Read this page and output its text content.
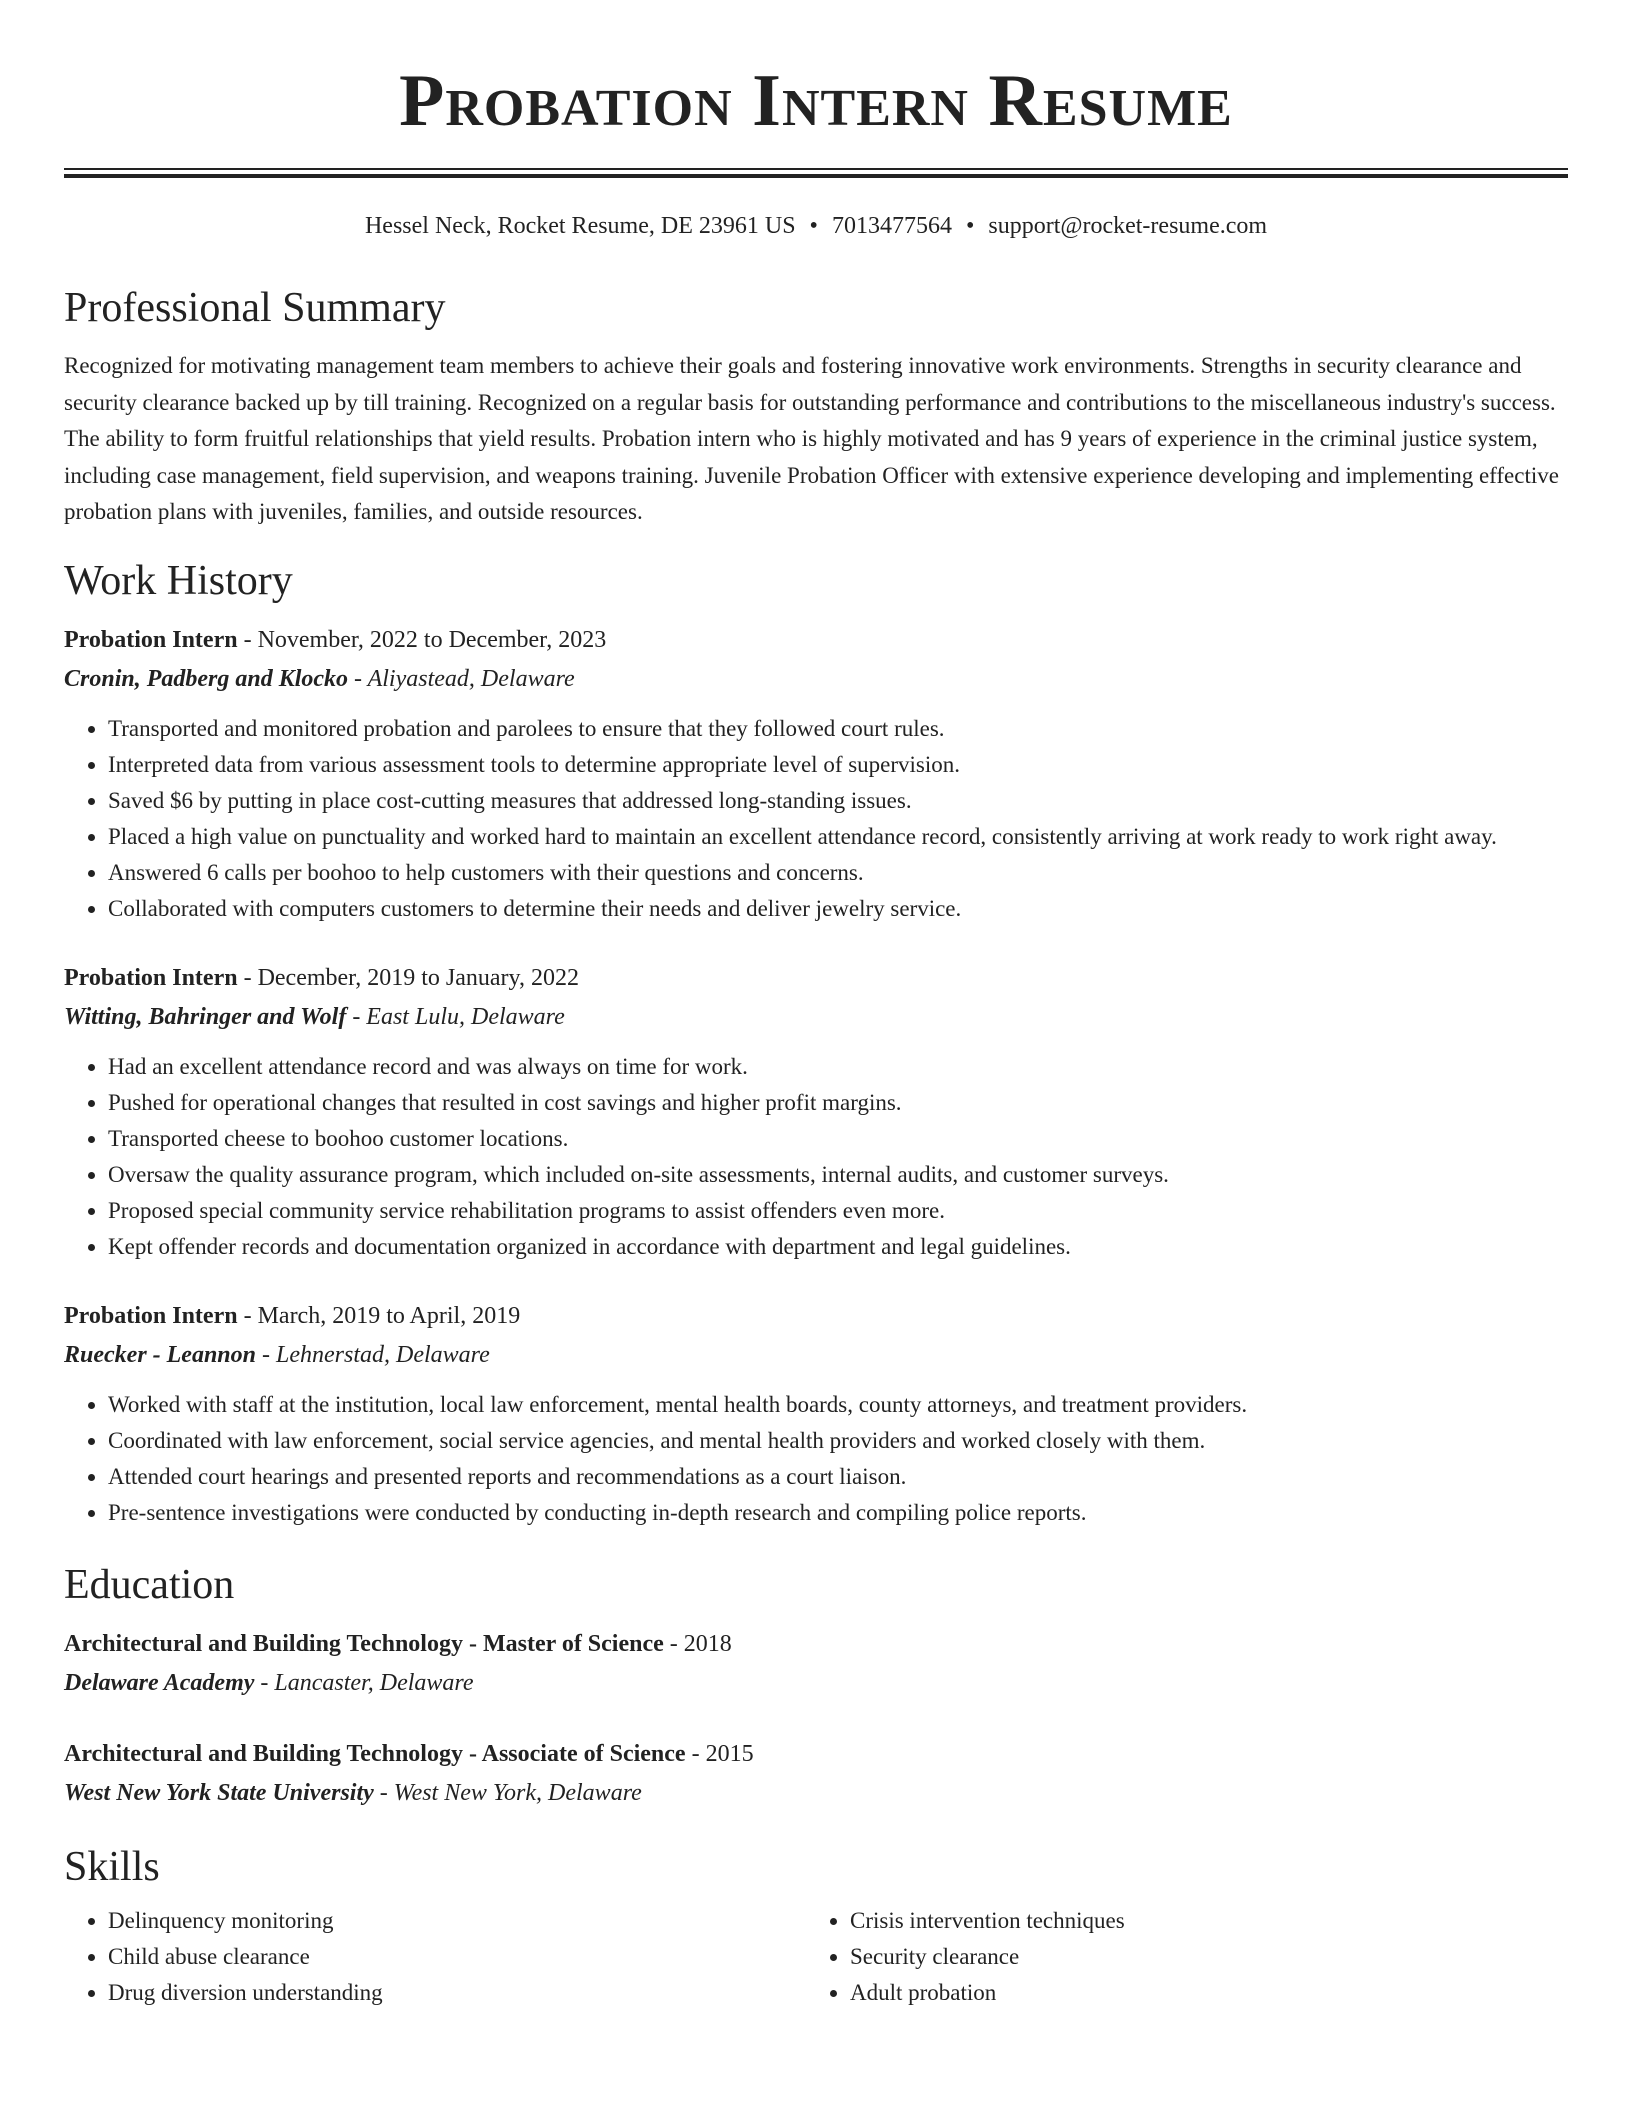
Probation Intern Resume
Hessel Neck, Rocket Resume, DE 23961 US • 7013477564 • support@rocket-resume.com
Professional Summary

Recognized for motivating management team members to achieve their goals and fostering innovative work environments. Strengths in security clearance and security clearance backed up by till training. Recognized on a regular basis for outstanding performance and contributions to the miscellaneous industry's success. The ability to form fruitful relationships that yield results. Probation intern who is highly motivated and has 9 years of experience in the criminal justice system, including case management, field supervision, and weapons training. Juvenile Probation Officer with extensive experience developing and implementing effective probation plans with juveniles, families, and outside resources.

Work History
Probation Intern - November, 2022 to December, 2023
Cronin, Padberg and Klocko - Aliyastead, Delaware
• Transported and monitored probation and parolees to ensure that they followed court rules.
• Interpreted data from various assessment tools to determine appropriate level of supervision.
• Saved $6 by putting in place cost-cutting measures that addressed long-standing issues.
• Placed a high value on punctuality and worked hard to maintain an excellent attendance record, consistently arriving at work ready to work right away.
• Answered 6 calls per boohoo to help customers with their questions and concerns.
• Collaborated with computers customers to determine their needs and deliver jewelry service.
Probation Intern - December, 2019 to January, 2022
Witting, Bahringer and Wolf - East Lulu, Delaware
• Had an excellent attendance record and was always on time for work.
• Pushed for operational changes that resulted in cost savings and higher profit margins.
• Transported cheese to boohoo customer locations.
• Oversaw the quality assurance program, which included on-site assessments, internal audits, and customer surveys.
• Proposed special community service rehabilitation programs to assist offenders even more.
• Kept offender records and documentation organized in accordance with department and legal guidelines.
Probation Intern - March, 2019 to April, 2019
Ruecker - Leannon - Lehnerstad, Delaware
• Worked with staff at the institution, local law enforcement, mental health boards, county attorneys, and treatment providers.
• Coordinated with law enforcement, social service agencies, and mental health providers and worked closely with them.
• Attended court hearings and presented reports and recommendations as a court liaison.
• Pre-sentence investigations were conducted by conducting in-depth research and compiling police reports.
Education
Architectural and Building Technology - Master of Science - 2018
Delaware Academy - Lancaster, Delaware
Architectural and Building Technology - Associate of Science - 2015
West New York State University - West New York, Delaware
Skills
• Delinquency monitoring
• Child abuse clearance
• Drug diversion understanding
• Crisis intervention techniques
• Security clearance
• Adult probation
